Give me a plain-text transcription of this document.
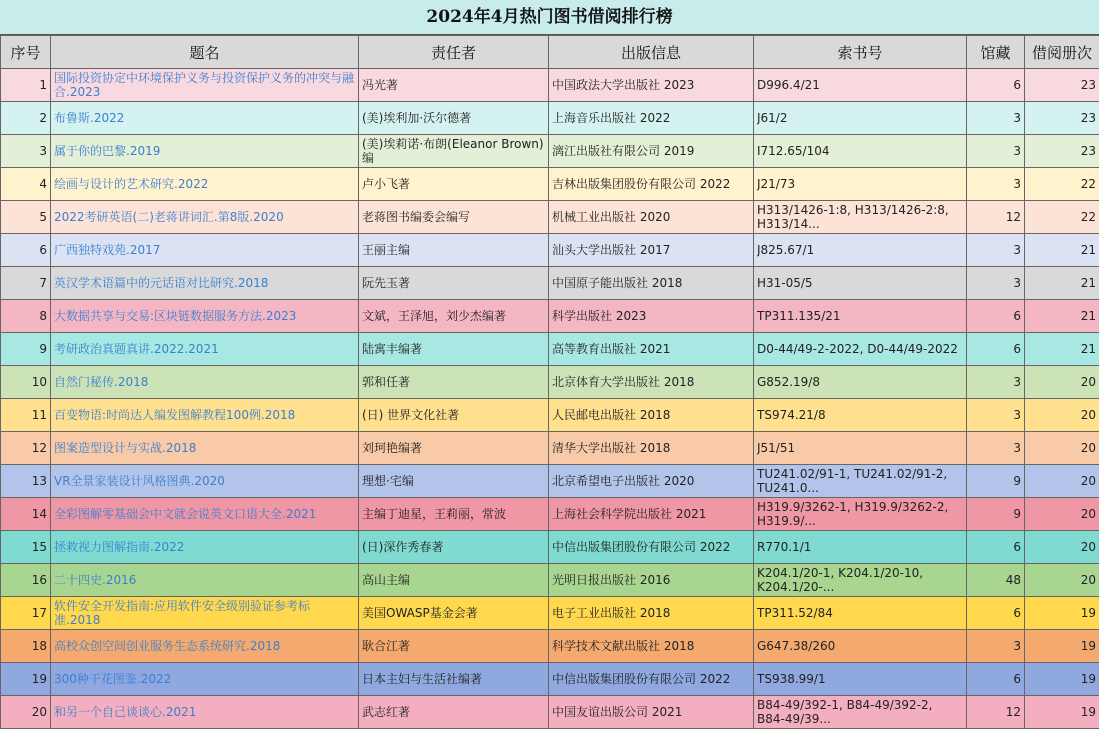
2024年4月热门图书借阅排行榜
序号	题名	责任者	出版信息	索书号	馆藏	借阅册次

1	国际投资协定中环境保护义务与投资保护义务的冲突与融合.2023	冯光著	中国政法大学出版社 2023	D996.4/21	6	23

2	布鲁斯.2022	(美)埃利加·沃尔德著	上海音乐出版社 2022	J61/2	3	23

3	属于你的巴黎.2019	(美)埃莉诺·布朗(Eleanor Brown)编	漓江出版社有限公司 2019	I712.65/104	3	23

4	绘画与设计的艺术研究.2022	卢小飞著	吉林出版集团股份有限公司 2022	J21/73	3	22

5	2022考研英语(二)老蒋讲词汇.第8版.2020	老蒋图书编委会编写	机械工业出版社 2020	H313/1426-1:8, H313/1426-2:8, H313/14...	12	22

6	广西独特戏苑.2017	王丽主编	汕头大学出版社 2017	J825.67/1	3	21

7	英汉学术语篇中的元话语对比研究.2018	阮先玉著	中国原子能出版社 2018	H31-05/5	3	21

8	大数据共享与交易:区块链数据服务方法.2023	文斌，王泽旭，刘少杰编著	科学出版社 2023	TP311.135/21	6	21

9	考研政治真题真讲.2022.2021	陆寓丰编著	高等教育出版社 2021	D0-44/49-2-2022, D0-44/49-2022	6	21

10	自然门秘传.2018	郭和任著	北京体育大学出版社 2018	G852.19/8	3	20

11	百变物语:时尚达人编发图解教程100例.2018	(日) 世界文化社著	人民邮电出版社 2018	TS974.21/8	3	20

12	图案造型设计与实战.2018	刘珂艳编著	清华大学出版社 2018	J51/51	3	20

13	VR全景家装设计风格图典.2020	理想·宅编	北京希望电子出版社 2020	TU241.02/91-1, TU241.02/91-2, TU241.0...	9	20

14	全彩图解零基础会中文就会说英文口语大全.2021	主编丁迪星，王莉丽，常波	上海社会科学院出版社 2021	H319.9/3262-1, H319.9/3262-2, H319.9/...	9	20

15	拯救视力图解指南.2022	(日)深作秀春著	中信出版集团股份有限公司 2022	R770.1/1	6	20

16	二十四史.2016	高山主编	光明日报出版社 2016	K204.1/20-1, K204.1/20-10, K204.1/20-...	48	20

17	软件安全开发指南:应用软件安全级别验证参考标准.2018	美国OWASP基金会著	电子工业出版社 2018	TP311.52/84	6	19

18	高校众创空间创业服务生态系统研究.2018	耿合江著	科学技术文献出版社 2018	G647.38/260	3	19

19	300种干花图鉴.2022	日本主妇与生活社编著	中信出版集团股份有限公司 2022	TS938.99/1	6	19

20	和另一个自己谈谈心.2021	武志红著	中国友谊出版公司 2021	B84-49/392-1, B84-49/392-2, B84-49/39...	12	19
